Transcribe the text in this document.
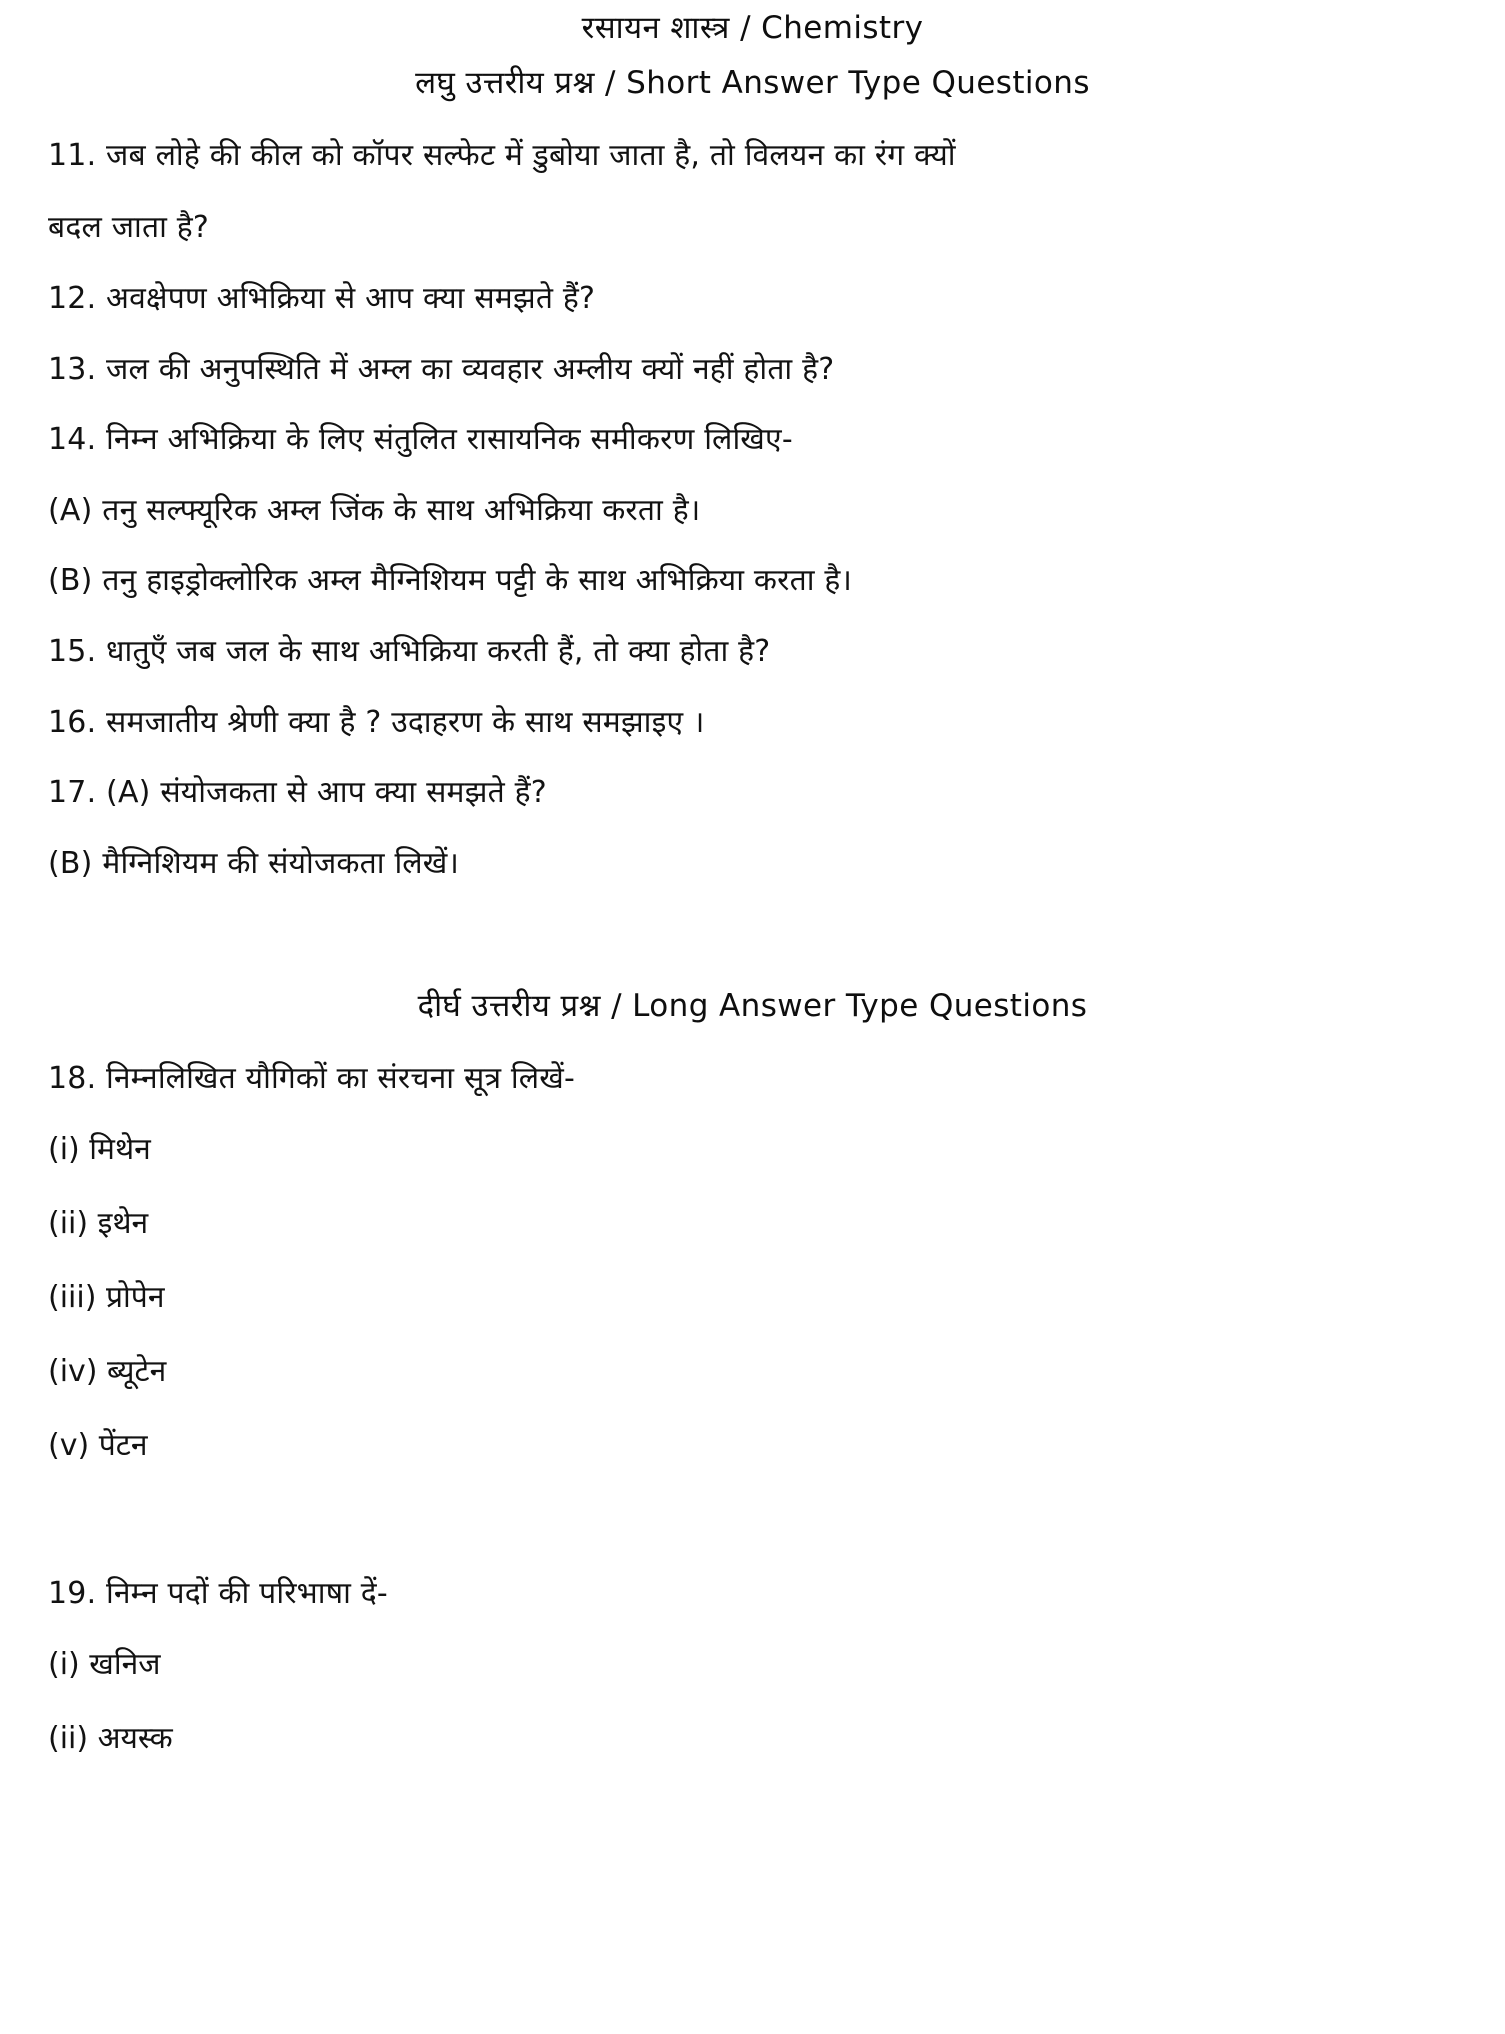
रसायन शास्त्र / Chemistry
लघु उत्तरीय प्रश्न / Short Answer Type Questions
11. जब लोहे की कील को कॉपर सल्फेट में डुबोया जाता है, तो विलयन का रंग क्यों
बदल जाता है?
12. अवक्षेपण अभिक्रिया से आप क्या समझते हैं?
13. जल की अनुपस्थिति में अम्ल का व्यवहार अम्लीय क्यों नहीं होता है?
14. निम्न अभिक्रिया के लिए संतुलित रासायनिक समीकरण लिखिए-
(A) तनु सल्फ्यूरिक अम्ल जिंक के साथ अभिक्रिया करता है।
(B) तनु हाइड्रोक्लोरिक अम्ल मैग्निशियम पट्टी के साथ अभिक्रिया करता है।
15. धातुएँ जब जल के साथ अभिक्रिया करती हैं, तो क्या होता है?
16. समजातीय श्रेणी क्या है ? उदाहरण के साथ समझाइए ।
17. (A) संयोजकता से आप क्या समझते हैं?
(B) मैग्निशियम की संयोजकता लिखें।
दीर्घ उत्तरीय प्रश्न / Long Answer Type Questions
18. निम्नलिखित यौगिकों का संरचना सूत्र लिखें-
(i) मिथेन
(ii) इथेन
(iii) प्रोपेन
(iv) ब्यूटेन
(v) पेंटन
19. निम्न पदों की परिभाषा दें-
(i) खनिज
(ii) अयस्क
